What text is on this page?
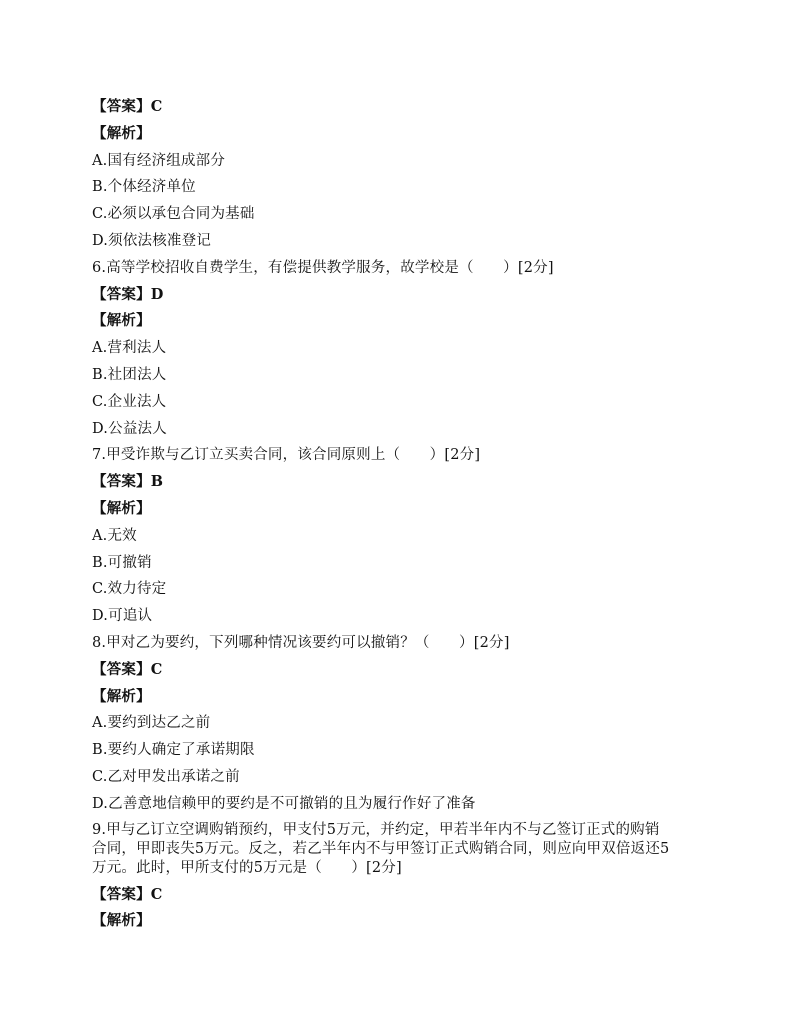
【答案】C
【解析】
A.国有经济组成部分
B.个体经济单位
C.必须以承包合同为基础
D.须依法核准登记
6.高等学校招收自费学生，有偿提供教学服务，故学校是（　　）[2分]
【答案】D
【解析】
A.营利法人
B.社团法人
C.企业法人
D.公益法人
7.甲受诈欺与乙订立买卖合同，该合同原则上（　　）[2分]
【答案】B
【解析】
A.无效
B.可撤销
C.效力待定
D.可追认
8.甲对乙为要约，下列哪种情况该要约可以撤销？（　　）[2分]
【答案】C
【解析】
A.要约到达乙之前
B.要约人确定了承诺期限
C.乙对甲发出承诺之前
D.乙善意地信赖甲的要约是不可撤销的且为履行作好了准备
9.甲与乙订立空调购销预约，甲支付5万元，并约定，甲若半年内不与乙签订正式的购销
合同，甲即丧失5万元。反之，若乙半年内不与甲签订正式购销合同，则应向甲双倍返还5
万元。此时，甲所支付的5万元是（　　）[2分]
【答案】C
【解析】
